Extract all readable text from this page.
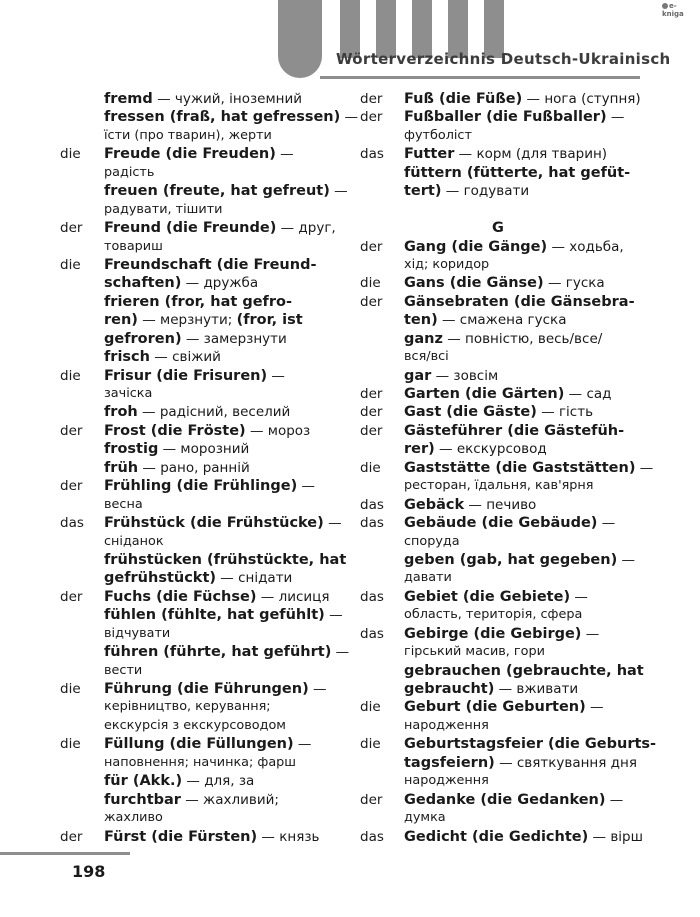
e-kniga
Wörterverzeichnis Deutsch-Ukrainisch
fremd — чужий, іноземний
fressen (fraß, hat gefressen) —
їсти (про тварин), жерти
die Freude (die Freuden) —
радість
freuen (freute, hat gefreut) —
радувати, тішити
der Freund (die Freunde) — друг,
товариш
die Freundschaft (die Freund-
schaften) — дружба
frieren (fror, hat gefro-
ren) — мерзнути; (fror, ist
gefroren) — замерзнути
frisch — свіжий
die Frisur (die Frisuren) —
зачіска
froh — радісний, веселий
der Frost (die Fröste) — мороз
frostig — морозний
früh — рано, ранній
der Frühling (die Frühlinge) —
весна
das Frühstück (die Frühstücke) —
сніданок
frühstücken (frühstückte, hat
gefrühstückt) — снідати
der Fuchs (die Füchse) — лисиця
fühlen (fühlte, hat gefühlt) —
відчувати
führen (führte, hat geführt) —
вести
die Führung (die Führungen) —
керівництво, керування;
екскурсія з екскурсоводом
die Füllung (die Füllungen) —
наповнення; начинка; фарш
für (Akk.) — для, за
furchtbar — жахливий;
жахливо
der Fürst (die Fürsten) — князь
der Fuß (die Füße) — нога (ступня)
der Fußballer (die Fußballer) —
футболіст
das Futter — корм (для тварин)
füttern (fütterte, hat gefüt-
tert) — годувати
G
der Gang (die Gänge) — ходьба,
хід; коридор
die Gans (die Gänse) — гуска
der Gänsebraten (die Gänsebra-
ten) — смажена гуска
ganz — повністю, весь/все/
вся/всі
gar — зовсім
der Garten (die Gärten) — сад
der Gast (die Gäste) — гість
der Gästeführer (die Gästefüh-
rer) — екскурсовод
die Gaststätte (die Gaststätten) —
ресторан, їдальня, кав'ярня
das Gebäck — печиво
das Gebäude (die Gebäude) —
споруда
geben (gab, hat gegeben) —
давати
das Gebiet (die Gebiete) —
область, територія, сфера
das Gebirge (die Gebirge) —
гірський масив, гори
gebrauchen (gebrauchte, hat
gebraucht) — вживати
die Geburt (die Geburten) —
народження
die Geburtstagsfeier (die Geburts-
tagsfeiern) — святкування дня
народження
der Gedanke (die Gedanken) —
думка
das Gedicht (die Gedichte) — вірш
198
